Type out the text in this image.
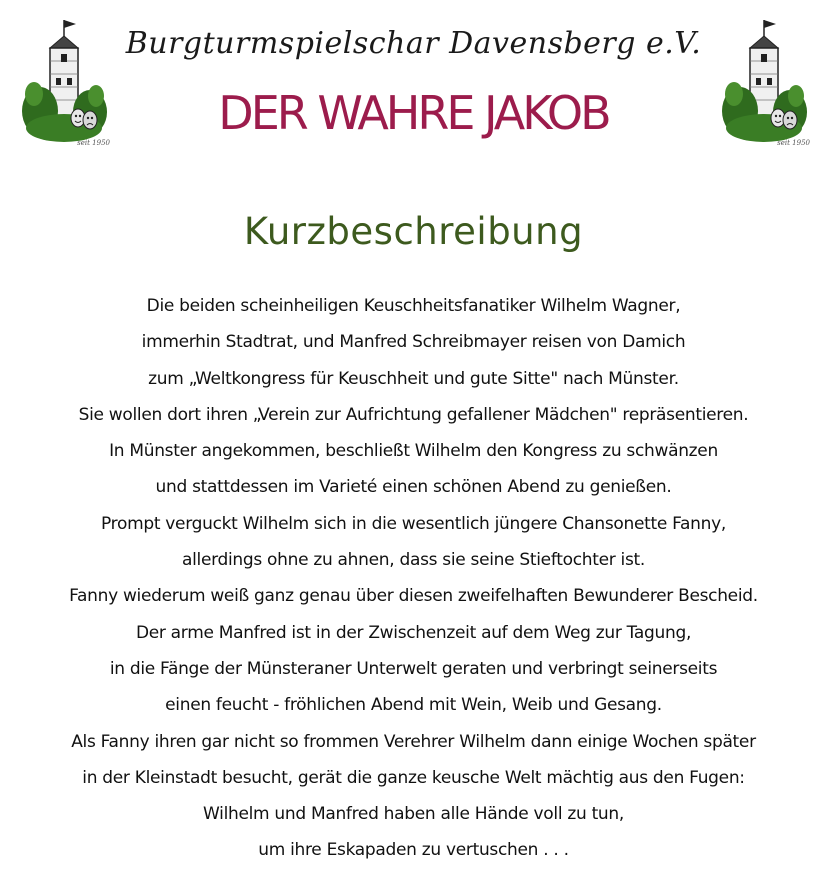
seit 1950	seit 1950
Burgturmspielschar Davensberg e.V.
DER WAHRE JAKOB
Kurzbeschreibung
Die beiden scheinheiligen Keuschheitsfanatiker Wilhelm Wagner,
immerhin Stadtrat, und Manfred Schreibmayer reisen von Damich
zum „Weltkongress für Keuschheit und gute Sitte" nach Münster.
Sie wollen dort ihren „Verein zur Aufrichtung gefallener Mädchen" repräsentieren.
In Münster angekommen, beschließt Wilhelm den Kongress zu schwänzen
und stattdessen im Varieté einen schönen Abend zu genießen.
Prompt verguckt Wilhelm sich in die wesentlich jüngere Chansonette Fanny,
allerdings ohne zu ahnen, dass sie seine Stieftochter ist.
Fanny wiederum weiß ganz genau über diesen zweifelhaften Bewunderer Bescheid.
Der arme Manfred ist in der Zwischenzeit auf dem Weg zur Tagung,
in die Fänge der Münsteraner Unterwelt geraten und verbringt seinerseits
einen feucht - fröhlichen Abend mit Wein, Weib und Gesang.
Als Fanny ihren gar nicht so frommen Verehrer Wilhelm dann einige Wochen später
in der Kleinstadt besucht, gerät die ganze keusche Welt mächtig aus den Fugen:
Wilhelm und Manfred haben alle Hände voll zu tun,
um ihre Eskapaden zu vertuschen . . .
